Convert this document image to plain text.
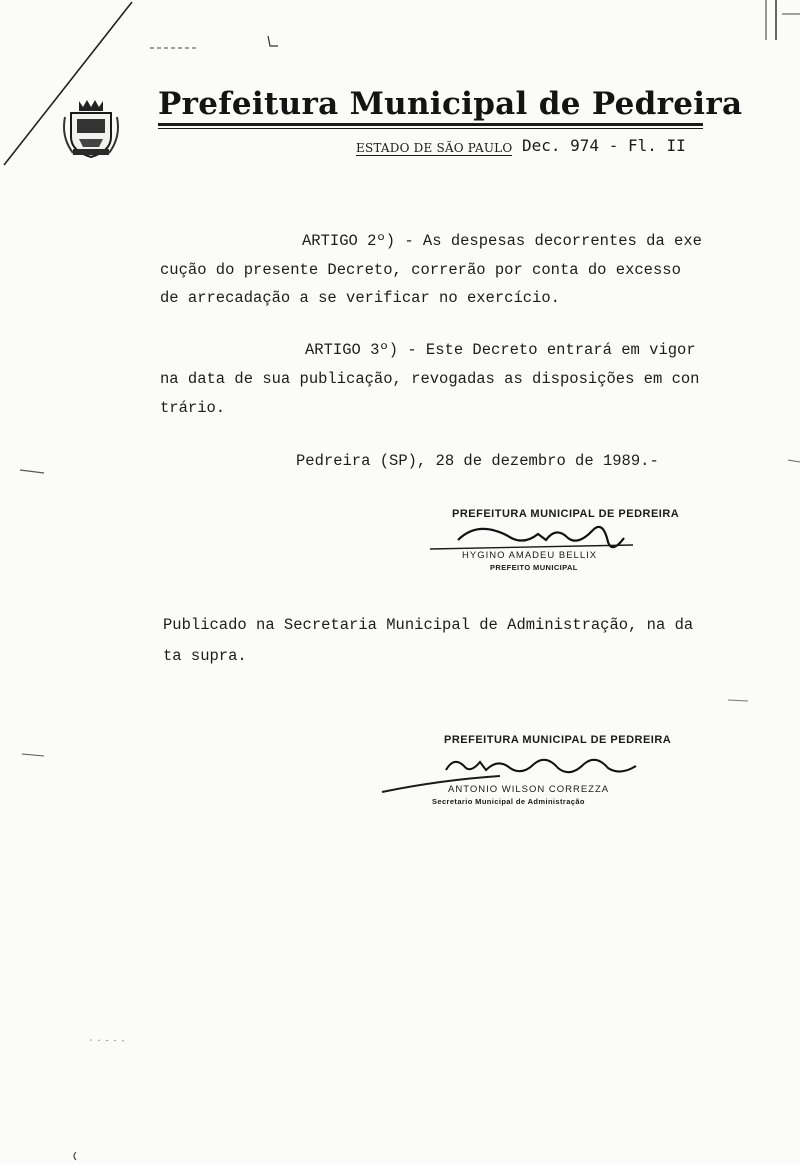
Prefeitura Municipal de Pedreira
ESTADO DE SÃO PAULO Dec. 974 - Fl. II
ARTIGO 2º) - As despesas decorrentes da exe
cução do presente Decreto, correrão por conta do excesso
de arrecadação a se verificar no exercício.
ARTIGO 3º) - Este Decreto entrará em vigor
na data de sua publicação, revogadas as disposições em con
trário.
Pedreira (SP), 28 de dezembro de 1989.-
PREFEITURA MUNICIPAL DE PEDREIRA
HYGINO AMADEU BELLIX
PREFEITO MUNICIPAL
Publicado na Secretaria Municipal de Administração, na da
ta supra.
PREFEITURA MUNICIPAL DE PEDREIRA
ANTONIO WILSON CORREZZA
Secretario Municipal de Administração
